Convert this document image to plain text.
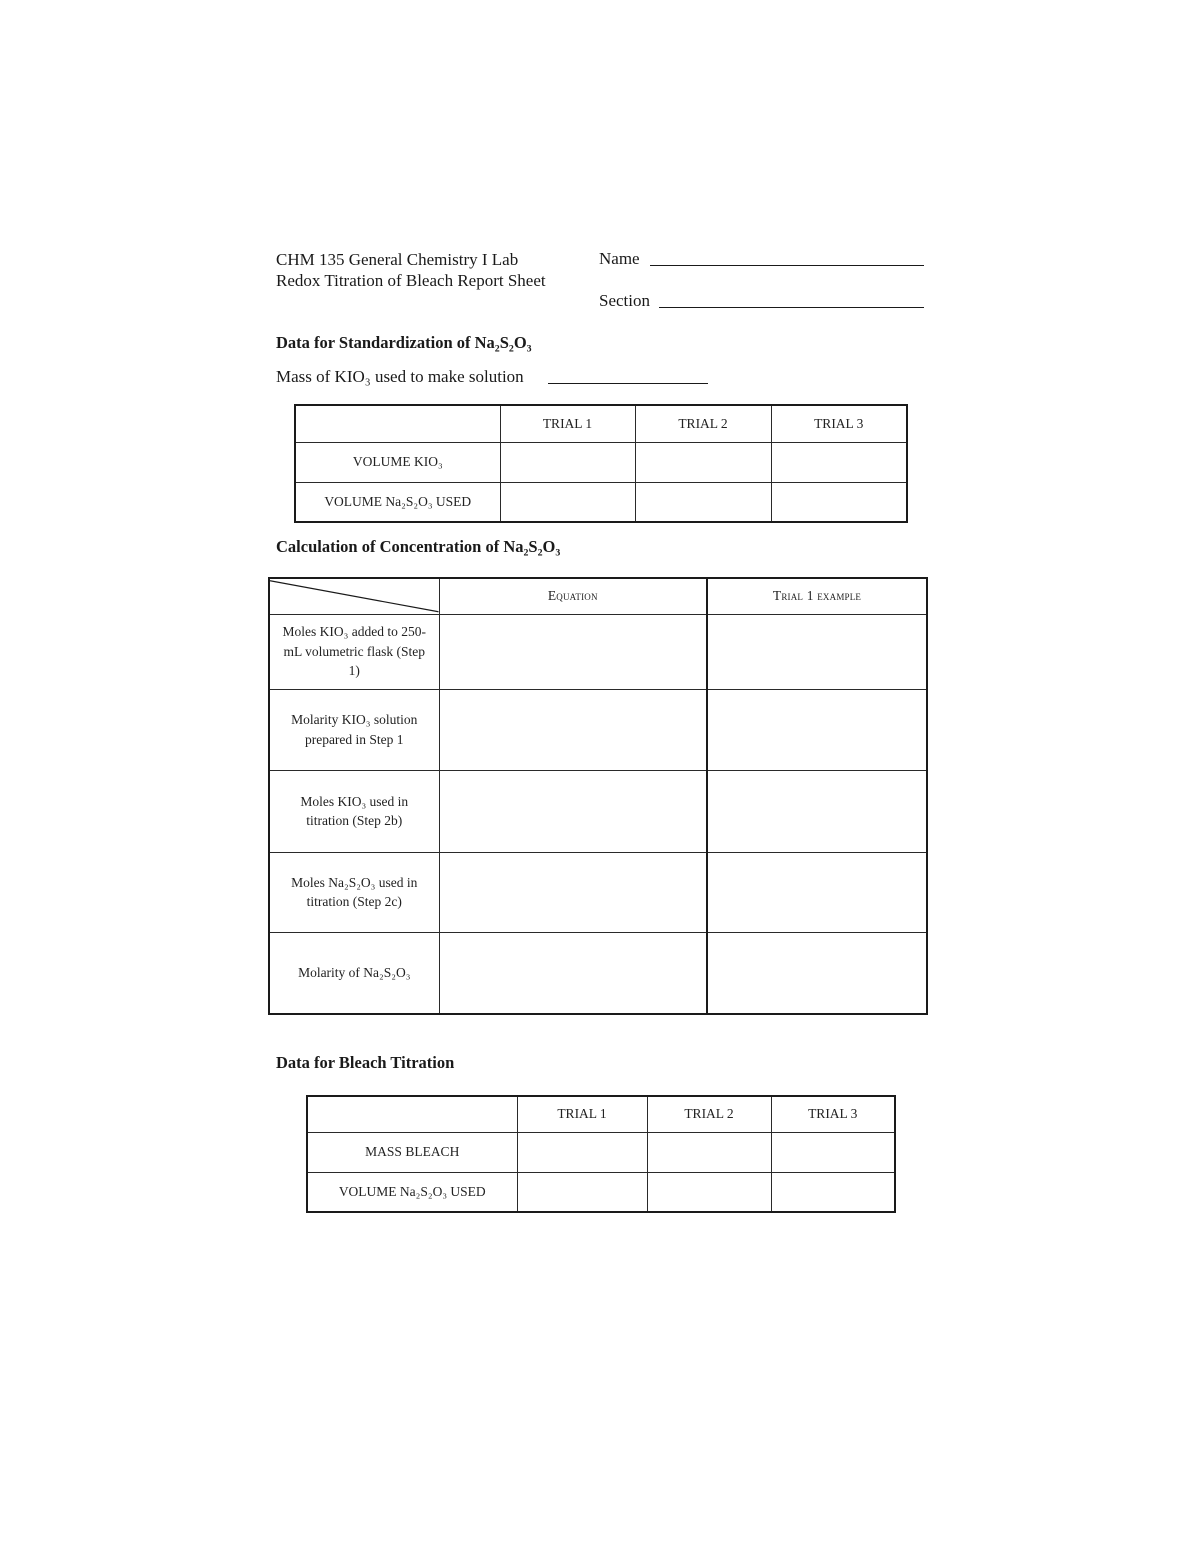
CHM 135 General Chemistry I Lab
Redox Titration of Bleach Report Sheet
Name
Section
Data for Standardization of Na₂S₂O₃
Mass of KIO₃ used to make solution
	TRIAL 1	TRIAL 2	TRIAL 3
VOLUME KIO₃			
VOLUME Na₂S₂O₃ USED			
Calculation of Concentration of Na₂S₂O₃
	Equation	Trial 1 example
Moles KIO₃ added to 250-mL volumetric flask (Step 1)		
Molarity KIO₃ solution prepared in Step 1		
Moles KIO₃ used in titration (Step 2b)		
Moles Na₂S₂O₃ used in titration (Step 2c)		
Molarity of Na₂S₂O₃		
Data for Bleach Titration
	TRIAL 1	TRIAL 2	TRIAL 3
MASS BLEACH			
VOLUME Na₂S₂O₃ USED			
